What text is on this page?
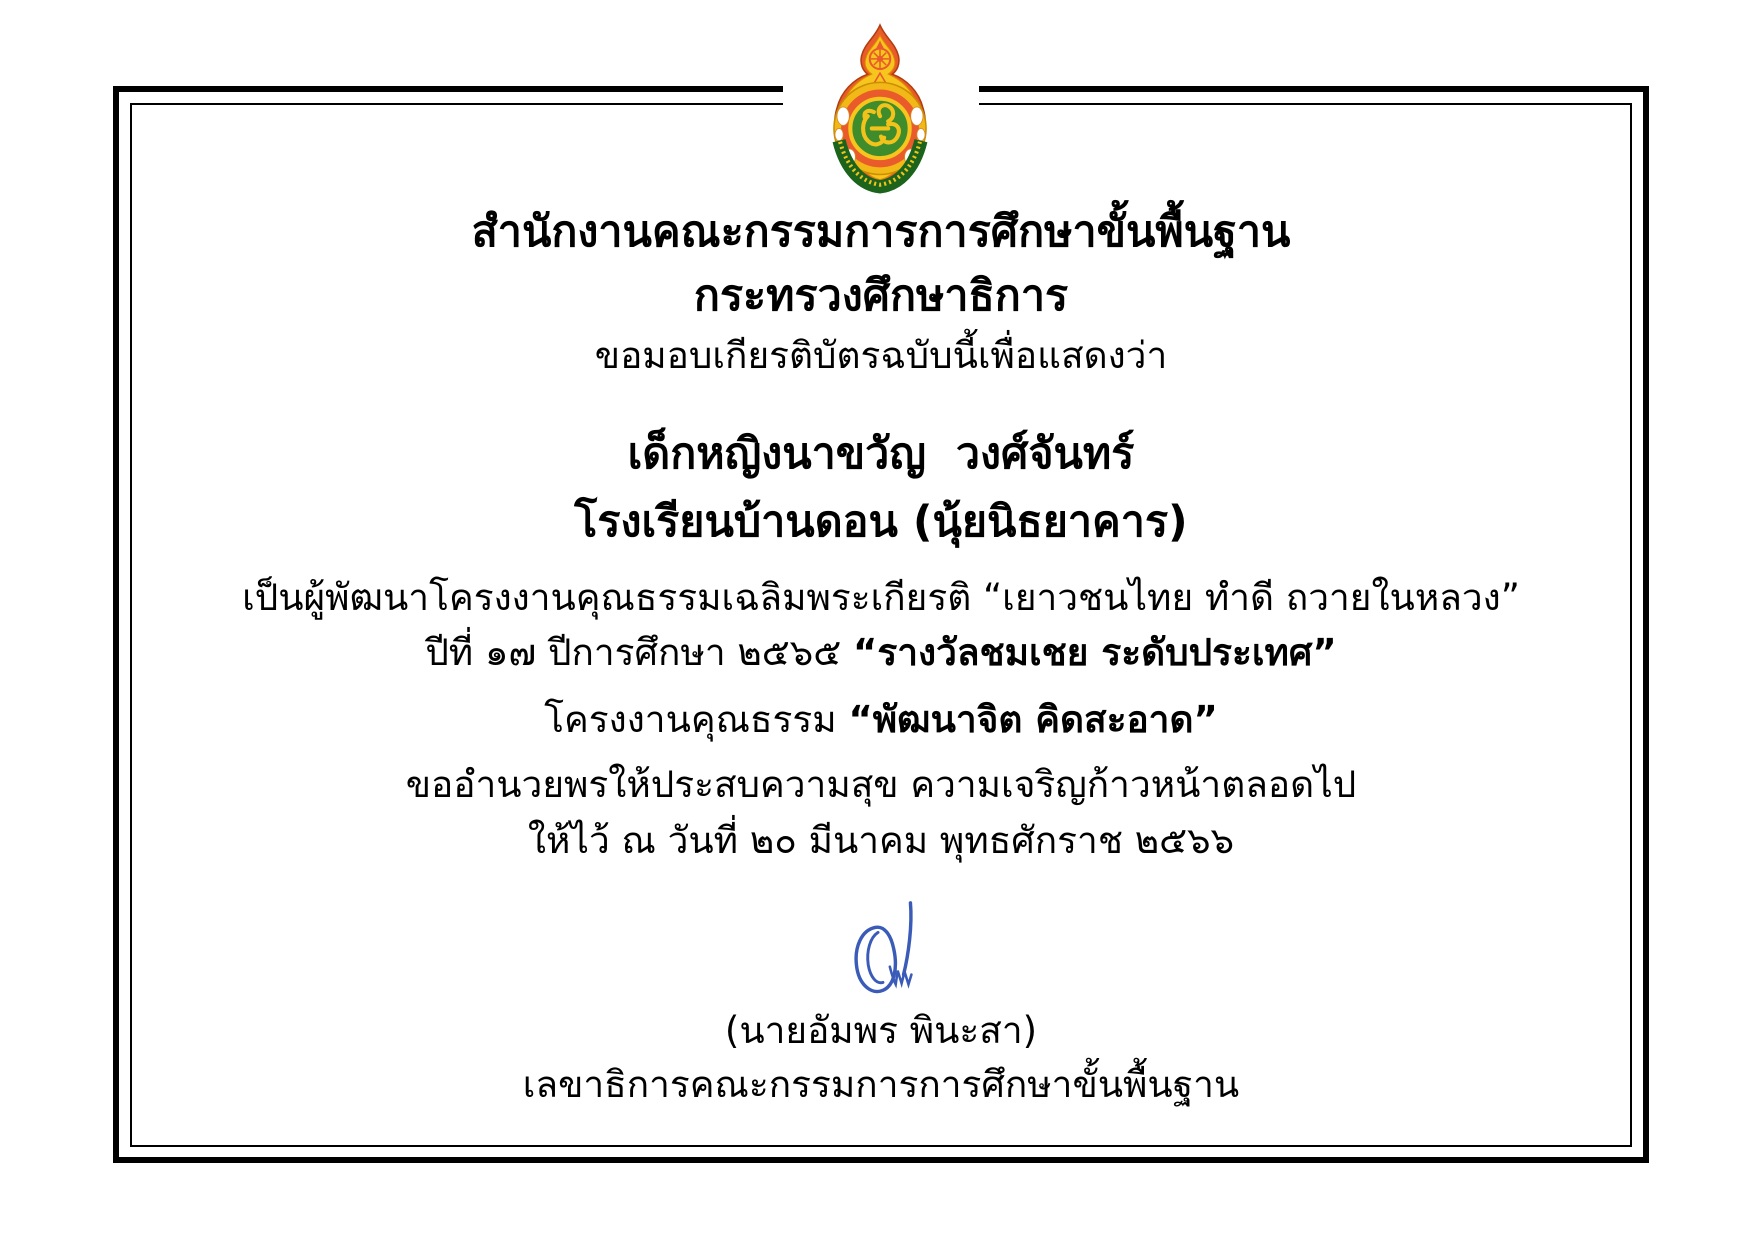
สำนักงานคณะกรรมการการศึกษาขั้นพื้นฐาน
กระทรวงศึกษาธิการ
ขอมอบเกียรติบัตรฉบับนี้เพื่อแสดงว่า
เด็กหญิงนาขวัญ  วงศ์จันทร์
โรงเรียนบ้านดอน (นุ้ยนิธยาคาร)
เป็นผู้พัฒนาโครงงานคุณธรรมเฉลิมพระเกียรติ “เยาวชนไทย ทำดี ถวายในหลวง”
ปีที่ ๑๗ ปีการศึกษา ๒๕๖๕ “รางวัลชมเชย ระดับประเทศ”
โครงงานคุณธรรม “พัฒนาจิต คิดสะอาด”
ขออำนวยพรให้ประสบความสุข ความเจริญก้าวหน้าตลอดไป
ให้ไว้ ณ วันที่ ๒๐ มีนาคม พุทธศักราช ๒๕๖๖
(นายอัมพร พินะสา)
เลขาธิการคณะกรรมการการศึกษาขั้นพื้นฐาน
